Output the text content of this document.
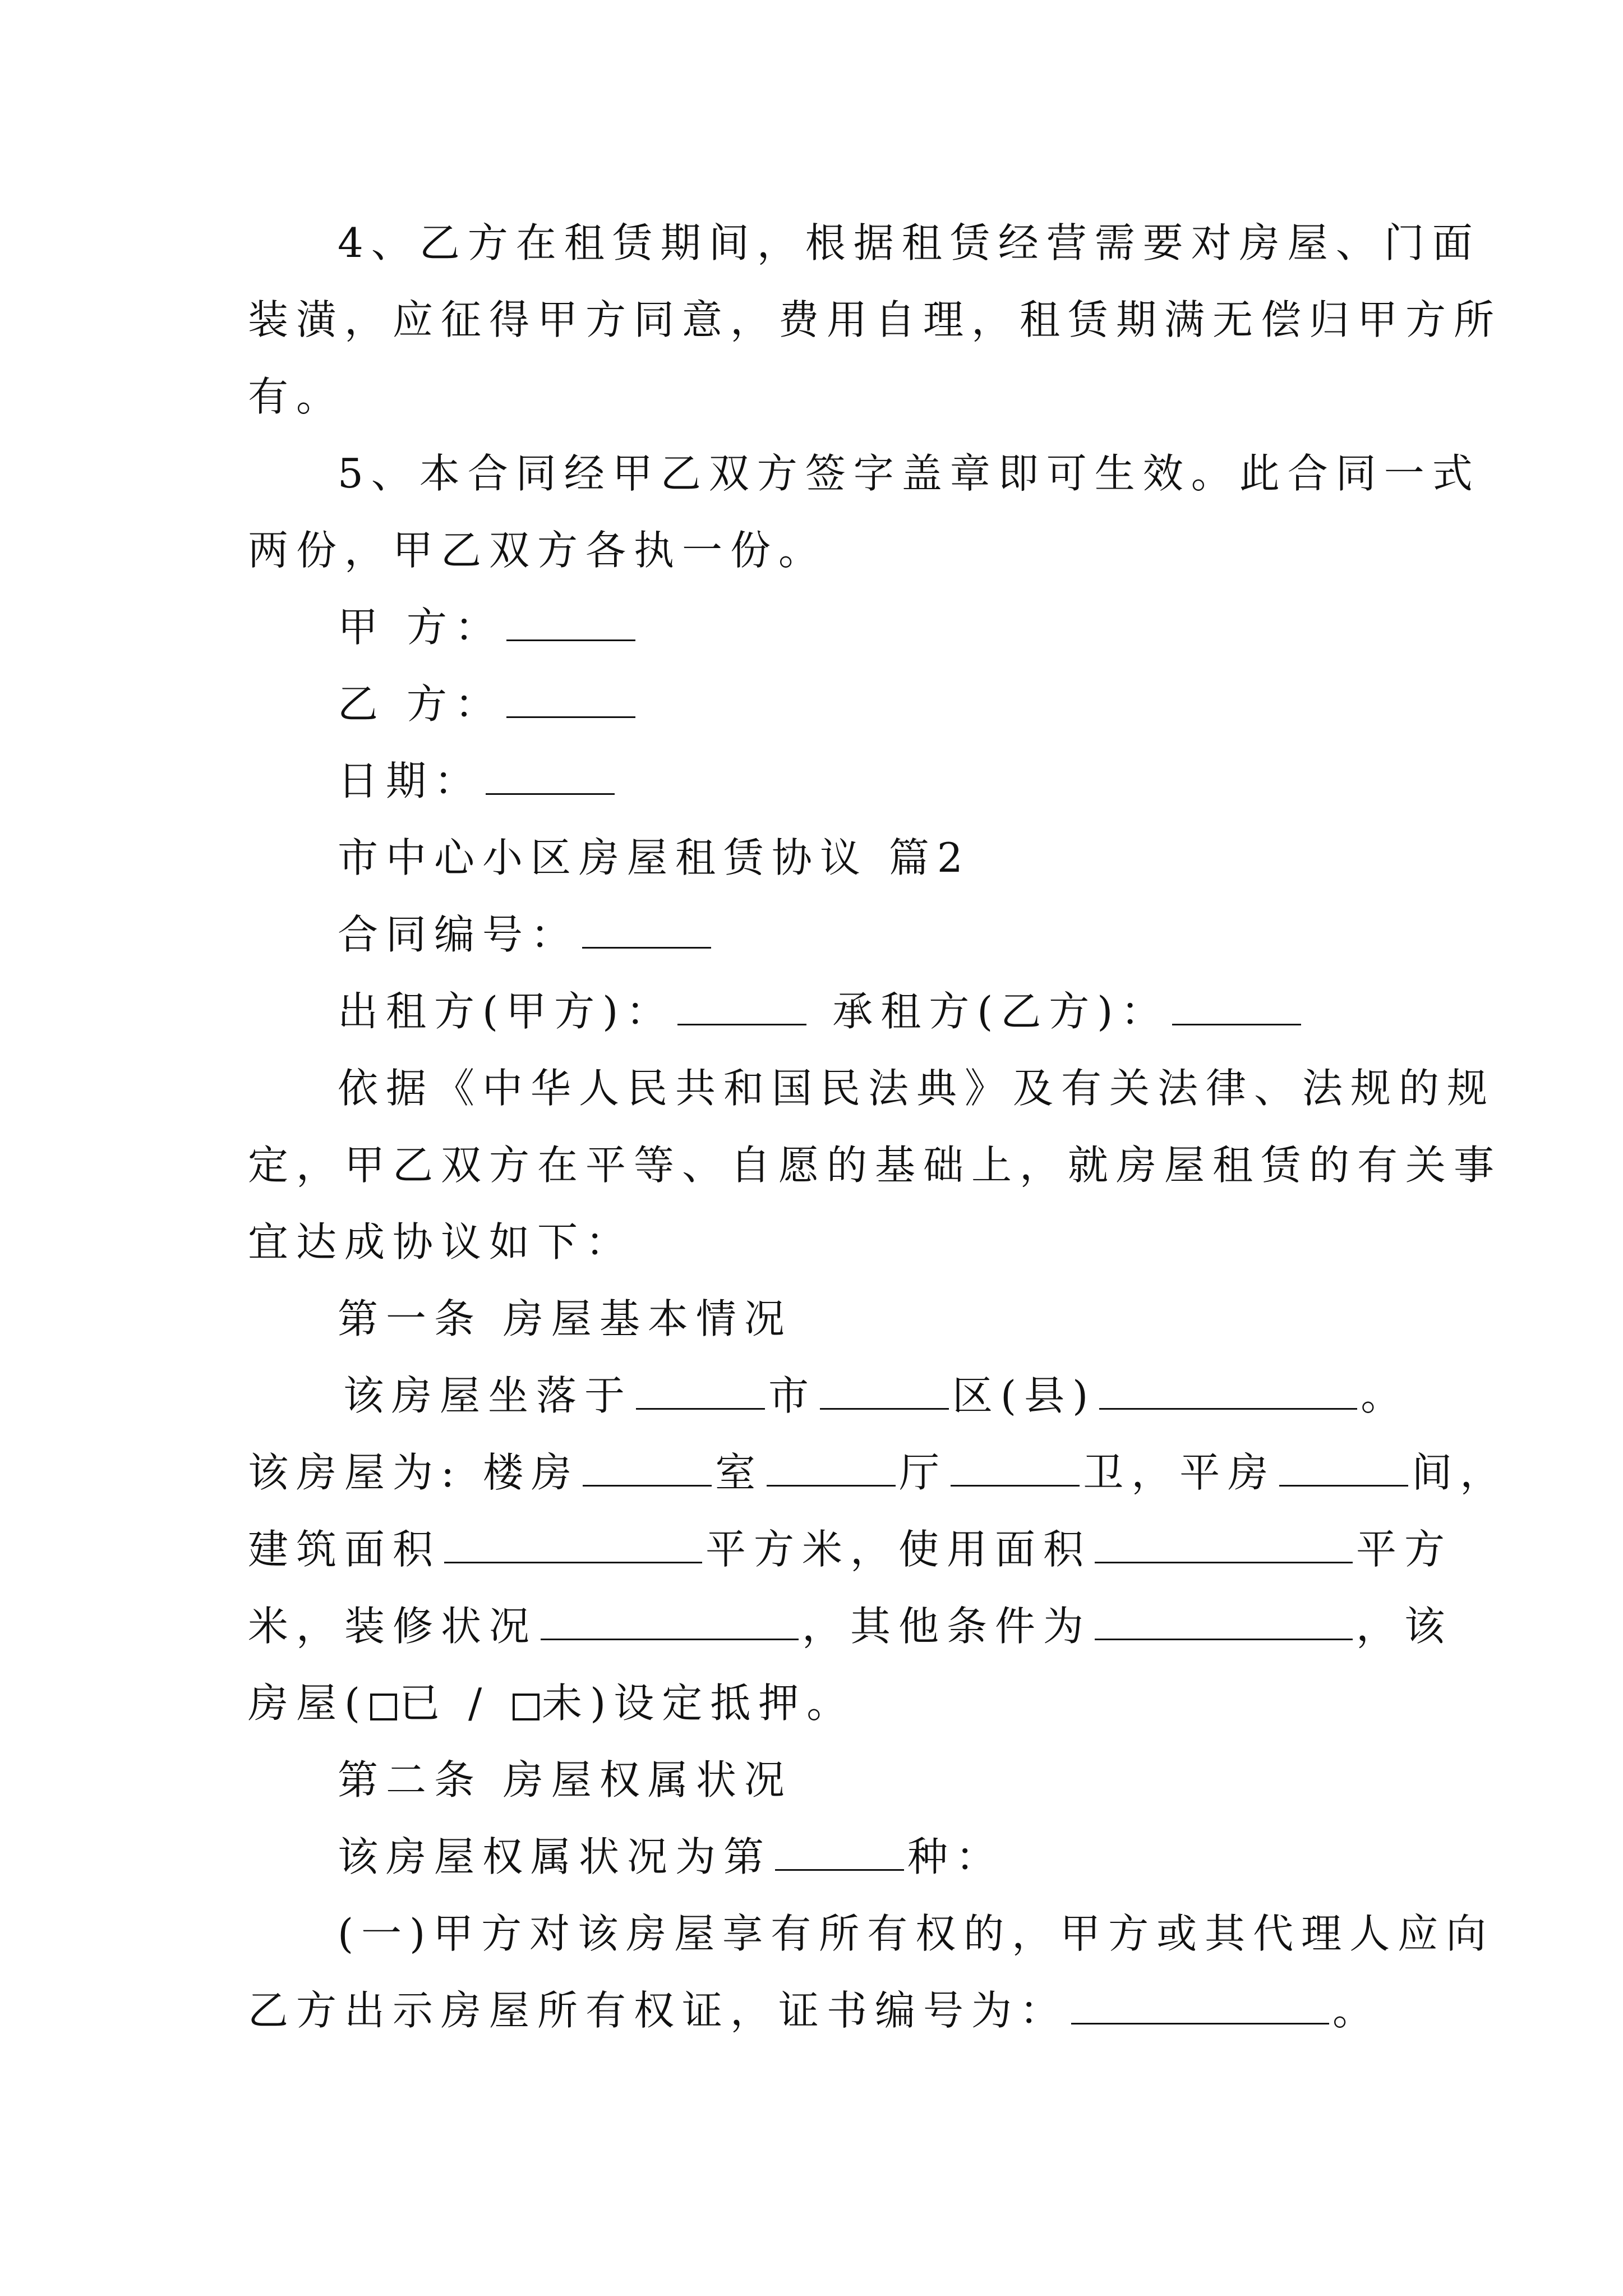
4、乙方在租赁期间，根据租赁经营需要对房屋、门面
装潢，应征得甲方同意，费用自理，租赁期满无偿归甲方所
有。
5、本合同经甲乙双方签字盖章即可生效。此合同一式
两份，甲乙双方各执一份。
甲 方：
乙 方：
日期：
市中心小区房屋租赁协议 篇2
合同编号：
出租方(甲方)：	承租方(乙方)：
依据《中华人民共和国民法典》及有关法律、法规的规
定，甲乙双方在平等、自愿的基础上，就房屋租赁的有关事
宜达成协议如下：
第一条 房屋基本情况
该房屋坐落于	市	区(县)	。
该房屋为: 楼房	室	厅	卫，平房	间，
建筑面积	平方米，使用面积	平方
米，装修状况	，其他条件为	，该
房屋( 已 / 未)设定抵押。
第二条 房屋权属状况
该房屋权属状况为第	种：
(一)甲方对该房屋享有所有权的，甲方或其代理人应向
乙方出示房屋所有权证，证书编号为：	。
